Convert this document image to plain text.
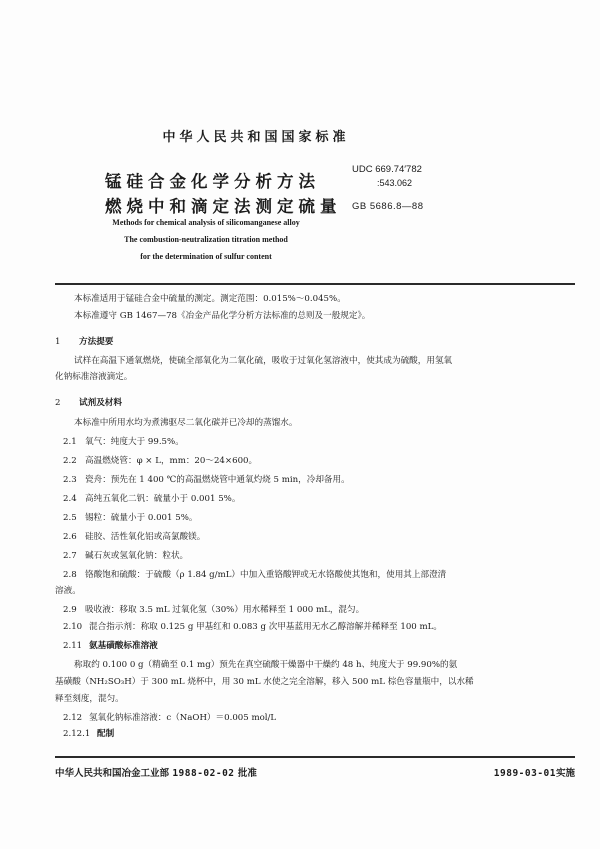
中华人民共和国国家标准
锰硅合金化学分析方法
燃烧中和滴定法测定硫量
UDC 669.74′782
:543.062
GB 5686.8—88
Methods for chemical analysis of silicomanganese alloy
The combustion-neutralization titration method
for the determination of sulfur content
本标准适用于锰硅合金中硫量的测定。测定范围：0.015%～0.045%。
本标准遵守 GB 1467—78《冶金产品化学分析方法标准的总则及一般规定》。
1 方法提要
试样在高温下通氧燃烧，使硫全部氧化为二氧化硫，吸收于过氧化氢溶液中，使其成为硫酸，用氢氧
化钠标准溶液滴定。
2 试剂及材料
本标准中所用水均为煮沸驱尽二氧化碳并已冷却的蒸馏水。
2.1 氧气：纯度大于 99.5%。
2.2 高温燃烧管：φ × L，mm：20～24×600。
2.3 瓷舟：预先在 1 400 ℃的高温燃烧管中通氧灼烧 5 min，冷却备用。
2.4 高纯五氧化二钒：硫量小于 0.001 5%。
2.5 锡粒：硫量小于 0.001 5%。
2.6 硅胶、活性氧化铝或高氯酸镁。
2.7 碱石灰或氢氧化钠：粒状。
2.8 铬酸饱和硫酸：于硫酸（ρ 1.84 g/mL）中加入重铬酸钾或无水铬酸使其饱和，使用其上部澄清
溶液。
2.9 吸收液：移取 3.5 mL 过氧化氢（30%）用水稀释至 1 000 mL，混匀。
2.10 混合指示剂：称取 0.125 g 甲基红和 0.083 g 次甲基蓝用无水乙醇溶解并稀释至 100 mL。
2.11 氨基磺酸标准溶液
称取约 0.100 0 g（精确至 0.1 mg）预先在真空硫酸干燥器中干燥约 48 h、纯度大于 99.90%的氨
基磺酸（NH₂SO₃H）于 300 mL 烧杯中，用 30 mL 水使之完全溶解，移入 500 mL 棕色容量瓶中，以水稀
释至刻度，混匀。
2.12 氢氧化钠标准溶液：c（NaOH）＝0.005 mol/L
2.12.1 配制
中华人民共和国冶金工业部 1988-02-02 批准	1989-03-01实施
